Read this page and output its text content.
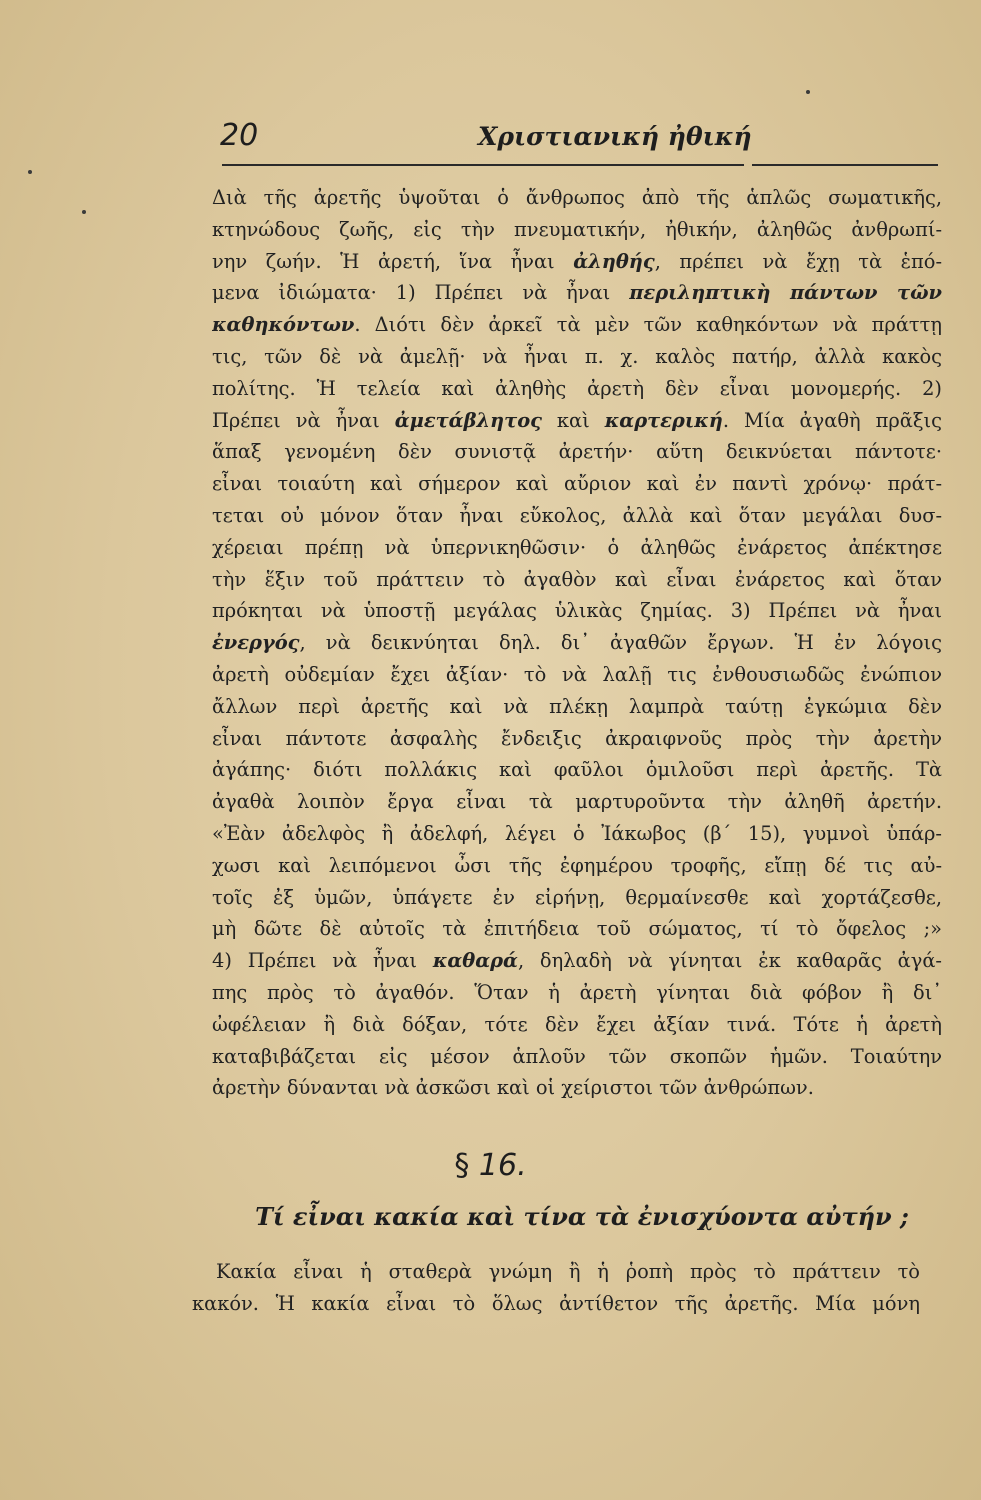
20	Χριστιανική ἠθική
Διὰ τῆς ἀρετῆς ὑψοῦται ὁ ἄνθρωπος ἀπὸ τῆς ἁπλῶς σωματικῆς,
κτηνώδους ζωῆς, εἰς τὴν πνευματικήν, ἠθικήν, ἀληθῶς ἀνθρωπί-
νην ζωήν. Ἡ ἀρετή, ἵνα ἦναι ἀληθής, πρέπει νὰ ἔχῃ τὰ ἑπό-
μενα ἰδιώματα· 1) Πρέπει νὰ ἦναι περιληπτικὴ πάντων τῶν
καθηκόντων. Διότι δὲν ἀρκεῖ τὰ μὲν τῶν καθηκόντων νὰ πράττῃ
τις, τῶν δὲ νὰ ἀμελῇ· νὰ ἦναι π. χ. καλὸς πατήρ, ἀλλὰ κακὸς
πολίτης. Ἡ τελεία καὶ ἀληθὴς ἀρετὴ δὲν εἶναι μονομερής. 2)
Πρέπει νὰ ἦναι ἀμετάβλητος καὶ καρτερική. Μία ἀγαθὴ πρᾶξις
ἅπαξ γενομένη δὲν συνιστᾷ ἀρετήν· αὕτη δεικνύεται πάντοτε·
εἶναι τοιαύτη καὶ σήμερον καὶ αὔριον καὶ ἐν παντὶ χρόνῳ· πράτ-
τεται οὐ μόνον ὅταν ἦναι εὔκολος, ἀλλὰ καὶ ὅταν μεγάλαι δυσ-
χέρειαι πρέπῃ νὰ ὑπερνικηθῶσιν· ὁ ἀληθῶς ἐνάρετος ἀπέκτησε
τὴν ἕξιν τοῦ πράττειν τὸ ἀγαθὸν καὶ εἶναι ἐνάρετος καὶ ὅταν
πρόκηται νὰ ὑποστῇ μεγάλας ὑλικὰς ζημίας. 3) Πρέπει νὰ ἦναι
ἐνεργός, νὰ δεικνύηται δηλ. δι᾿ ἀγαθῶν ἔργων. Ἡ ἐν λόγοις
ἀρετὴ οὐδεμίαν ἔχει ἀξίαν· τὸ νὰ λαλῇ τις ἐνθουσιωδῶς ἐνώπιον
ἄλλων περὶ ἀρετῆς καὶ νὰ πλέκῃ λαμπρὰ ταύτῃ ἐγκώμια δὲν
εἶναι πάντοτε ἀσφαλὴς ἔνδειξις ἀκραιφνοῦς πρὸς τὴν ἀρετὴν
ἀγάπης· διότι πολλάκις καὶ φαῦλοι ὁμιλοῦσι περὶ ἀρετῆς. Τὰ
ἀγαθὰ λοιπὸν ἔργα εἶναι τὰ μαρτυροῦντα τὴν ἀληθῆ ἀρετήν.
«Ἐὰν ἀδελφὸς ἢ ἀδελφή, λέγει ὁ Ἰάκωβος (β΄ 15), γυμνοὶ ὑπάρ-
χωσι καὶ λειπόμενοι ὦσι τῆς ἐφημέρου τροφῆς, εἴπῃ δέ τις αὐ-
τοῖς ἐξ ὑμῶν, ὑπάγετε ἐν εἰρήνῃ, θερμαίνεσθε καὶ χορτάζεσθε,
μὴ δῶτε δὲ αὐτοῖς τὰ ἐπιτήδεια τοῦ σώματος, τί τὸ ὄφελος ;»
4) Πρέπει νὰ ἦναι καθαρά, δηλαδὴ νὰ γίνηται ἐκ καθαρᾶς ἀγά-
πης πρὸς τὸ ἀγαθόν. Ὅταν ἡ ἀρετὴ γίνηται διὰ φόβον ἢ δι᾿
ὠφέλειαν ἢ διὰ δόξαν, τότε δὲν ἔχει ἀξίαν τινά. Τότε ἡ ἀρετὴ
καταβιβάζεται εἰς μέσον ἁπλοῦν τῶν σκοπῶν ἡμῶν. Τοιαύτην
ἀρετὴν δύνανται νὰ ἀσκῶσι καὶ οἱ χείριστοι τῶν ἀνθρώπων.
§ 16.
Τί εἶναι κακία καὶ τίνα τὰ ἐνισχύοντα αὐτήν ;
Κακία εἶναι ἡ σταθερὰ γνώμη ἢ ἡ ῥοπὴ πρὸς τὸ πράττειν τὸ
κακόν. Ἡ κακία εἶναι τὸ ὅλως ἀντίθετον τῆς ἀρετῆς. Μία μόνη
